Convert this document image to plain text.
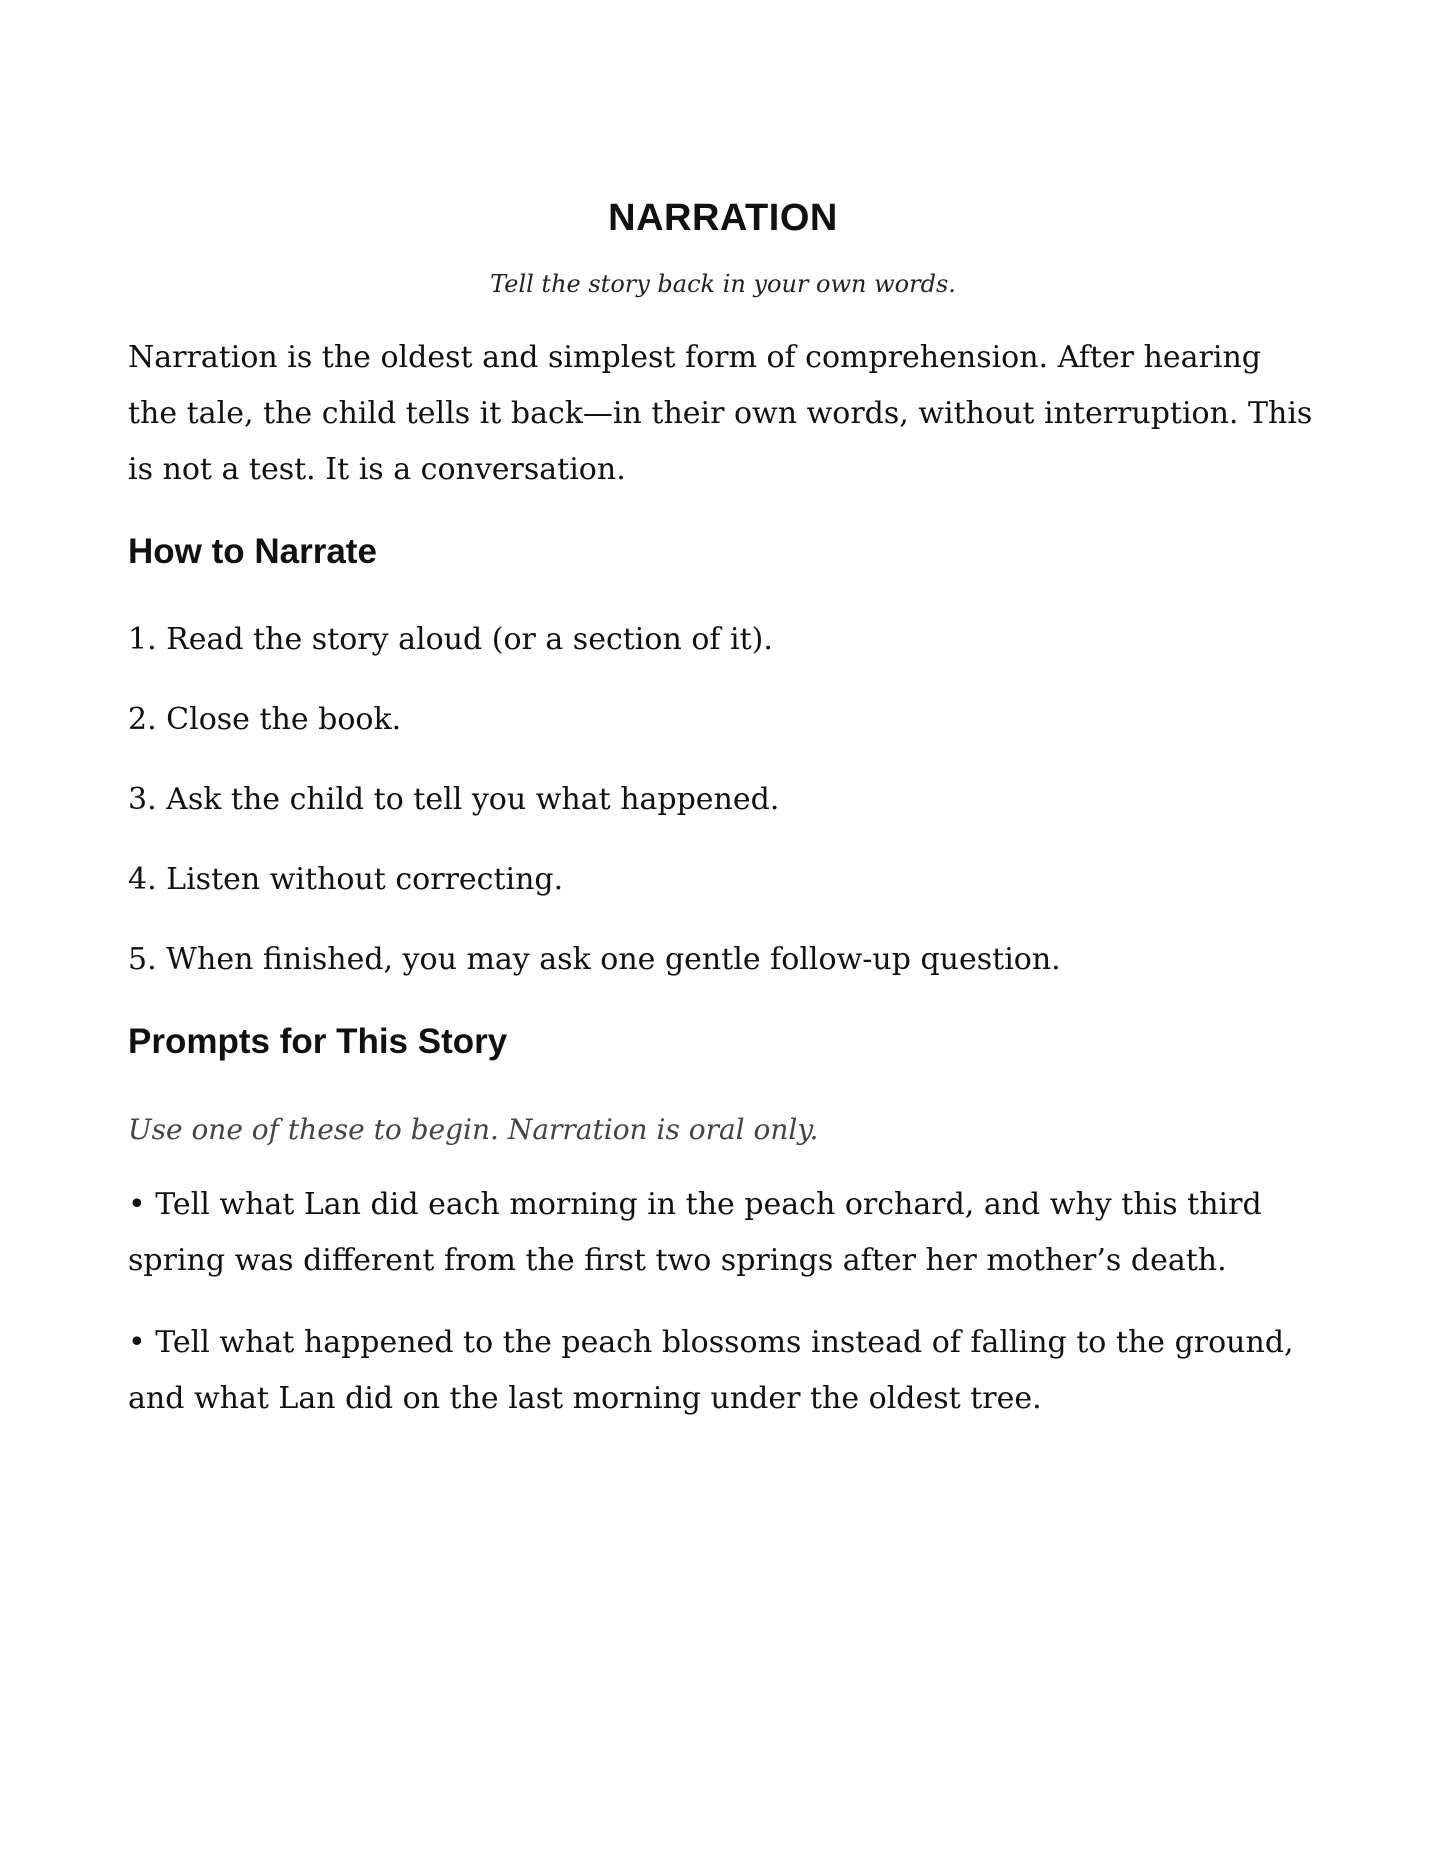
NARRATION
Tell the story back in your own words.

Narration is the oldest and simplest form of comprehension. After hearing the tale, the child tells it back—in their own words, without interruption. This is not a test. It is a conversation.

How to Narrate

1. Read the story aloud (or a section of it).

2. Close the book.

3. Ask the child to tell you what happened.

4. Listen without correcting.

5. When finished, you may ask one gentle follow-up question.

Prompts for This Story

Use one of these to begin. Narration is oral only.

• Tell what Lan did each morning in the peach orchard, and why this third spring was different from the first two springs after her mother’s death.

• Tell what happened to the peach blossoms instead of falling to the ground, and what Lan did on the last morning under the oldest tree.
